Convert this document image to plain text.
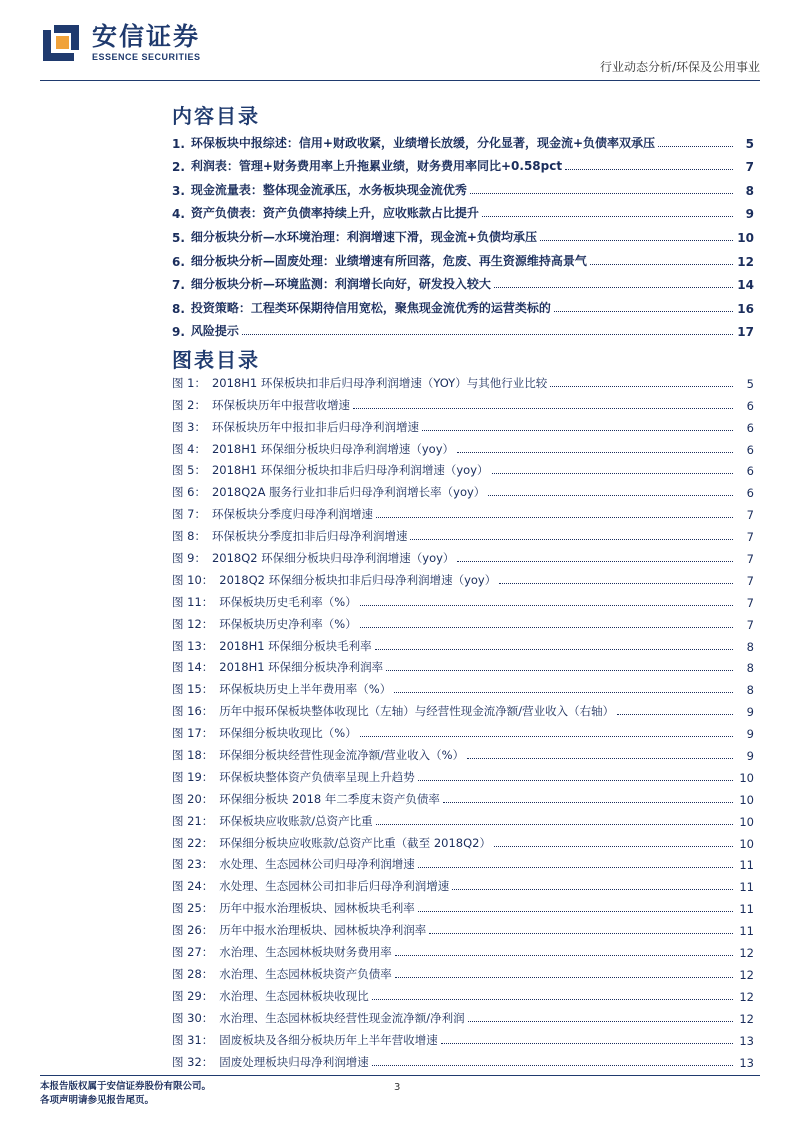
安信证券
ESSENCE SECURITIES
行业动态分析/环保及公用事业
内容目录
1. 环保板块中报综述：信用+财政收紧，业绩增长放缓，分化显著，现金流+负债率双承压	5
2. 利润表：管理+财务费用率上升拖累业绩，财务费用率同比+0.58pct	7
3. 现金流量表：整体现金流承压，水务板块现金流优秀	8
4. 资产负债表：资产负债率持续上升，应收账款占比提升	9
5. 细分板块分析—水环境治理：利润增速下滑，现金流+负债均承压	10
6. 细分板块分析—固废处理：业绩增速有所回落，危废、再生资源维持高景气	12
7. 细分板块分析—环境监测：利润增长向好，研发投入较大	14
8. 投资策略：工程类环保期待信用宽松，聚焦现金流优秀的运营类标的	16
9. 风险提示	17
图表目录
图 1： 2018H1 环保板块扣非后归母净利润增速（YOY）与其他行业比较	5
图 2： 环保板块历年中报营收增速	6
图 3： 环保板块历年中报扣非后归母净利润增速	6
图 4： 2018H1 环保细分板块归母净利润增速（yoy）	6
图 5： 2018H1 环保细分板块扣非后归母净利润增速（yoy）	6
图 6： 2018Q2A 服务行业扣非后归母净利润增长率（yoy）	6
图 7： 环保板块分季度归母净利润增速	7
图 8： 环保板块分季度扣非后归母净利润增速	7
图 9： 2018Q2 环保细分板块归母净利润增速（yoy）	7
图 10： 2018Q2 环保细分板块扣非后归母净利润增速（yoy）	7
图 11： 环保板块历史毛利率（%）	7
图 12： 环保板块历史净利率（%）	7
图 13： 2018H1 环保细分板块毛利率	8
图 14： 2018H1 环保细分板块净利润率	8
图 15： 环保板块历史上半年费用率（%）	8
图 16： 历年中报环保板块整体收现比（左轴）与经营性现金流净额/营业收入（右轴）	9
图 17： 环保细分板块收现比（%）	9
图 18： 环保细分板块经营性现金流净额/营业收入（%）	9
图 19： 环保板块整体资产负债率呈现上升趋势	10
图 20： 环保细分板块 2018 年二季度末资产负债率	10
图 21： 环保板块应收账款/总资产比重	10
图 22： 环保细分板块应收账款/总资产比重（截至 2018Q2）	10
图 23： 水处理、生态园林公司归母净利润增速	11
图 24： 水处理、生态园林公司扣非后归母净利润增速	11
图 25： 历年中报水治理板块、园林板块毛利率	11
图 26： 历年中报水治理板块、园林板块净利润率	11
图 27： 水治理、生态园林板块财务费用率	12
图 28： 水治理、生态园林板块资产负债率	12
图 29： 水治理、生态园林板块收现比	12
图 30： 水治理、生态园林板块经营性现金流净额/净利润	12
图 31： 固废板块及各细分板块历年上半年营收增速	13
图 32： 固废处理板块归母净利润增速	13
本报告版权属于安信证券股份有限公司。
各项声明请参见报告尾页。
3
